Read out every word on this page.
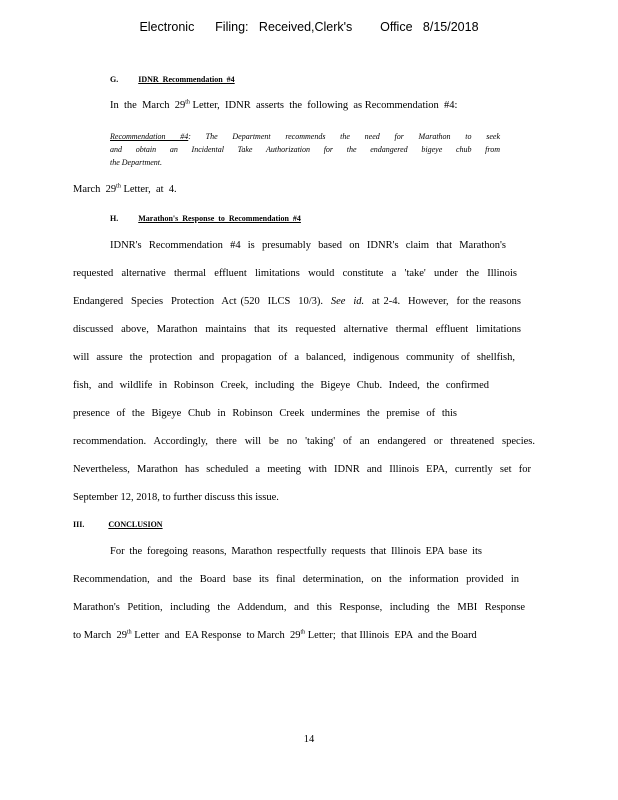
Electronic      Filing:   Received,Clerk's        Office   8/15/2018
G.	IDNR  Recommendation  #4
In  the  March  29th Letter,  IDNR  asserts  the  following  as Recommendation  #4:
Recommendation #4: The Department recommends the need for Marathon to seek
and obtain an Incidental Take Authorization for the endangered bigeye chub from
the Department.
March  29th Letter,  at  4.
H.	Marathon's  Response  to  Recommendation  #4
IDNR's Recommendation #4 is presumably based on IDNR's claim that Marathon's
requested alternative thermal effluent limitations would constitute a 'take' under the Illinois
Endangered  Species  Protection  Act (520  ILCS  10/3).  See  id.  at 2-4.  However,  for the reasons
discussed above, Marathon maintains that its requested alternative thermal effluent limitations
will assure the protection and propagation of a balanced, indigenous community of shellfish,
fish, and wildlife in Robinson Creek, including the Bigeye Chub. Indeed, the confirmed
presence of the Bigeye Chub in Robinson Creek undermines the premise of this
recommendation. Accordingly, there will be no 'taking' of an endangered or threatened species.
Nevertheless, Marathon has scheduled a meeting with IDNR and Illinois EPA, currently set for
September 12, 2018, to further discuss this issue.
III.	CONCLUSION
For the foregoing reasons, Marathon respectfully requests that Illinois EPA base its
Recommendation, and the Board base its final determination, on the information provided in
Marathon's Petition, including the Addendum, and this Response, including the MBI Response
to March  29th Letter  and  EA Response  to March  29th Letter;  that Illinois  EPA  and the Board
14
